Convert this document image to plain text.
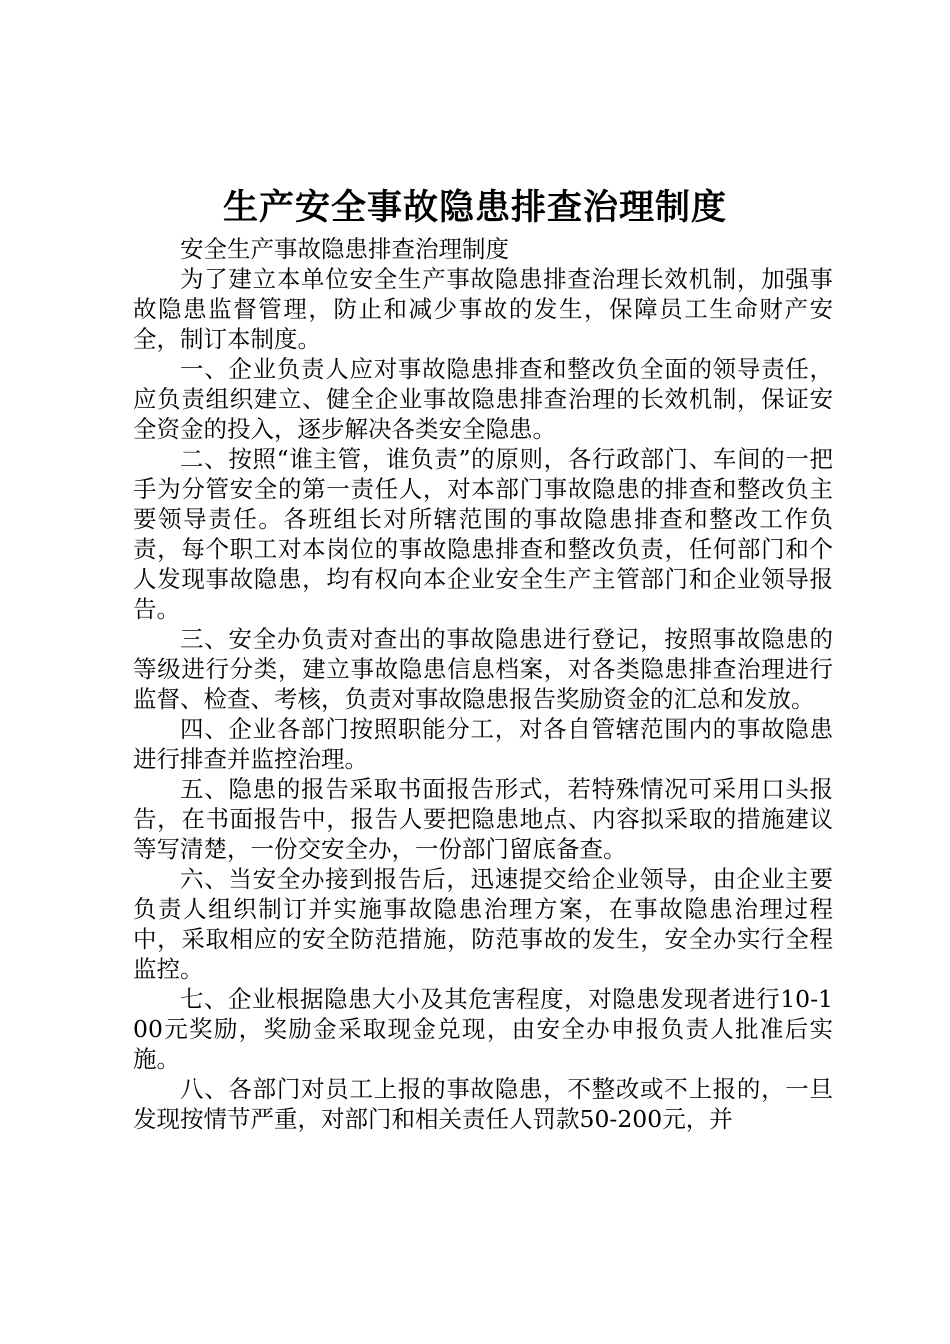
生产安全事故隐患排查治理制度

安全生产事故隐患排查治理制度

为了建立本单位安全生产事故隐患排查治理长效机制，加强事故隐患监督管理，防止和减少事故的发生，保障员工生命财产安全，制订本制度。

一、企业负责人应对事故隐患排查和整改负全面的领导责任，应负责组织建立、健全企业事故隐患排查治理的长效机制，保证安全资金的投入，逐步解决各类安全隐患。

二、按照“谁主管，谁负责”的原则，各行政部门、车间的一把手为分管安全的第一责任人，对本部门事故隐患的排查和整改负主要领导责任。各班组长对所辖范围的事故隐患排查和整改工作负责，每个职工对本岗位的事故隐患排查和整改负责，任何部门和个人发现事故隐患，均有权向本企业安全生产主管部门和企业领导报告。

三、安全办负责对查出的事故隐患进行登记，按照事故隐患的等级进行分类，建立事故隐患信息档案，对各类隐患排查治理进行监督、检查、考核，负责对事故隐患报告奖励资金的汇总和发放。

四、企业各部门按照职能分工，对各自管辖范围内的事故隐患进行排查并监控治理。

五、隐患的报告采取书面报告形式，若特殊情况可采用口头报告，在书面报告中，报告人要把隐患地点、内容拟采取的措施建议等写清楚，一份交安全办，一份部门留底备查。

六、当安全办接到报告后，迅速提交给企业领导，由企业主要负责人组织制订并实施事故隐患治理方案，在事故隐患治理过程中，采取相应的安全防范措施，防范事故的发生，安全办实行全程监控。

七、企业根据隐患大小及其危害程度，对隐患发现者进行10-100元奖励，奖励金采取现金兑现，由安全办申报负责人批准后实施。

八、各部门对员工上报的事故隐患，不整改或不上报的，一旦发现按情节严重，对部门和相关责任人罚款50-200元，并
